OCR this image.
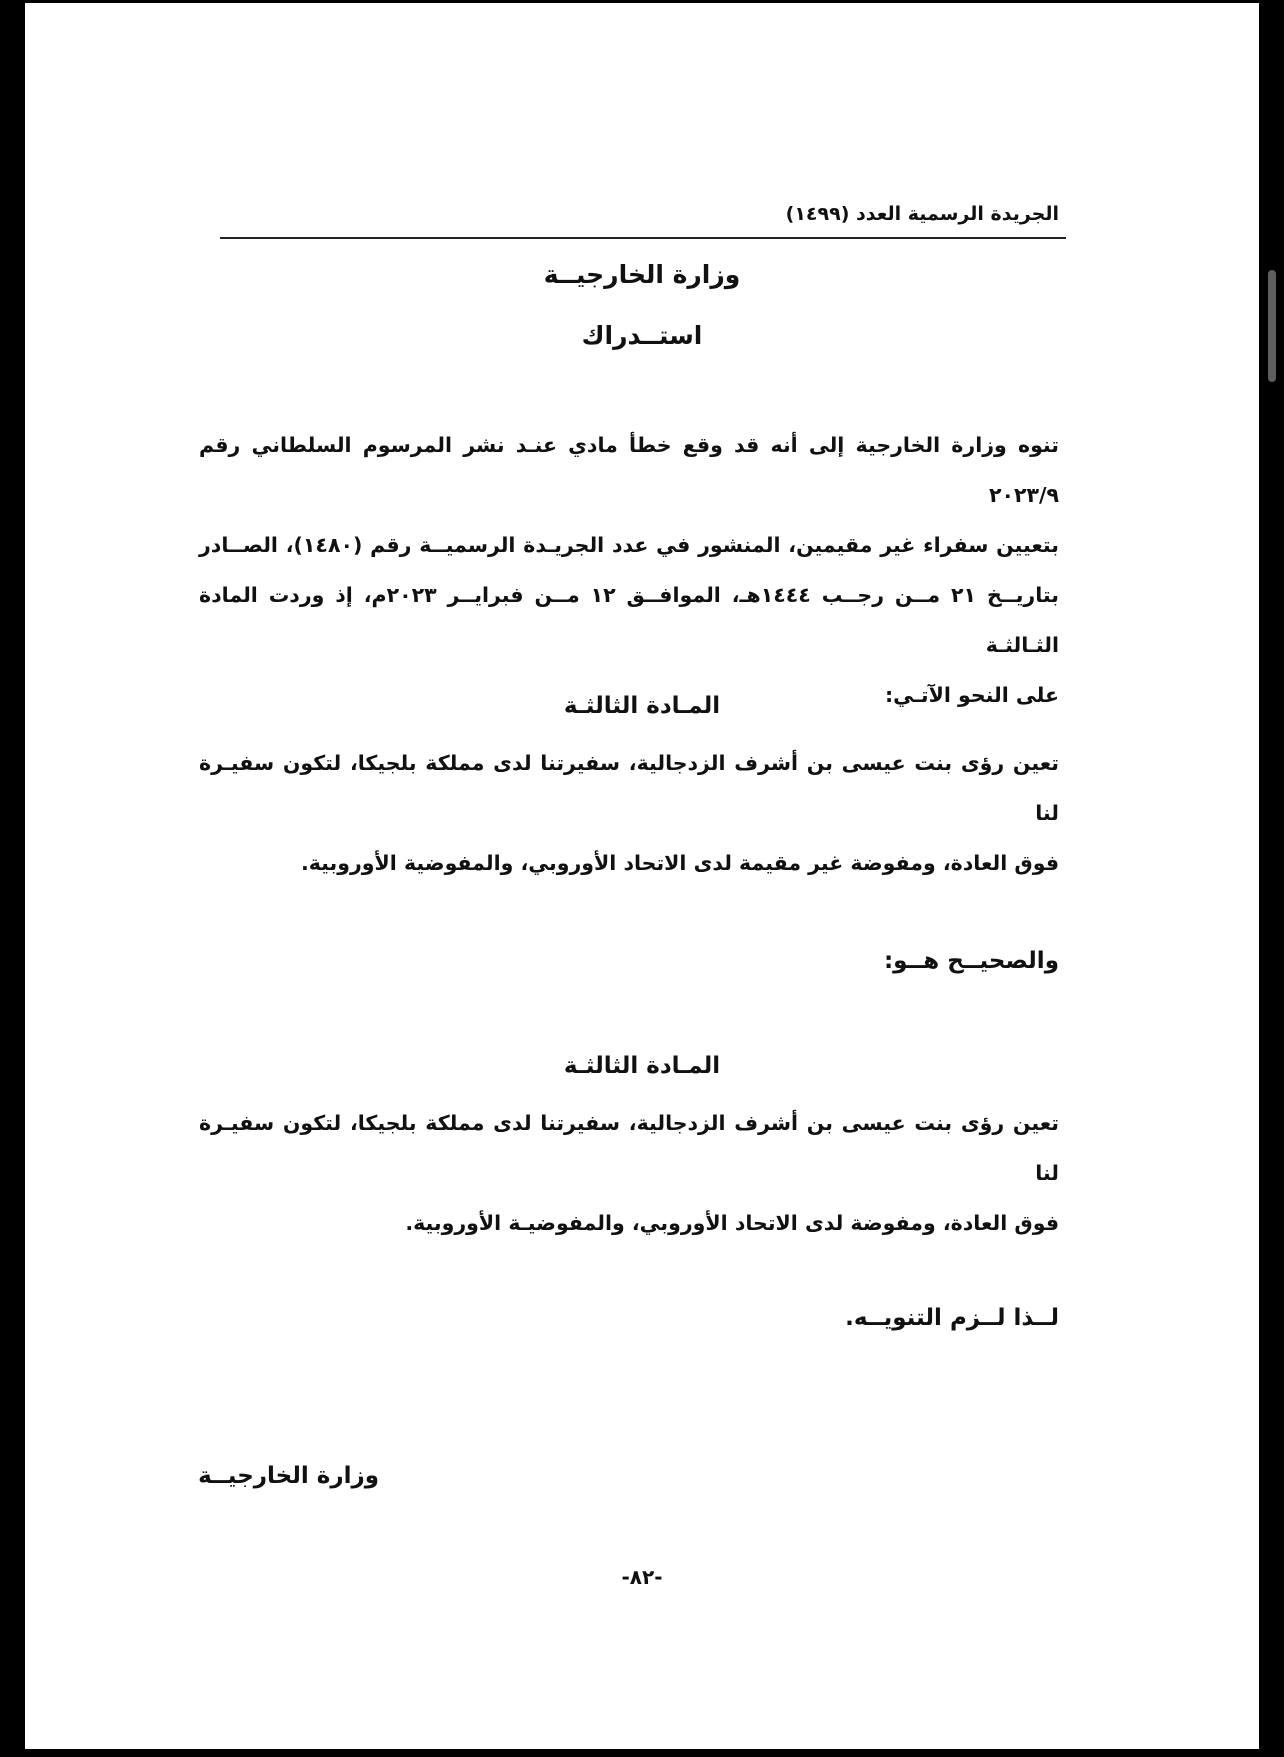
الجريدة الرسمية العدد (١٤٩٩)
وزارة الخارجيــة
استــدراك
تنوه وزارة الخارجية إلى أنه قد وقع خطأ مادي عنـد نشر المرسوم السلطاني رقم ٢٠٢٣/٩
بتعيين سفراء غير مقيمين، المنشور في عدد الجريـدة الرسميــة رقم (١٤٨٠)، الصــادر
بتاريــخ ٢١ مــن رجــب ١٤٤٤هـ، الموافــق ١٢ مــن فبرايــر ٢٠٢٣م، إذ وردت المادة الثـالثـة
على النحو الآتـي:
المـادة الثالثـة
تعين رؤى بنت عيسى بن أشرف الزدجالية، سفيرتنا لدى مملكة بلجيكا، لتكون سفيـرة لنا
فوق العادة، ومفوضة غير مقيمة لدى الاتحاد الأوروبي، والمفوضية الأوروبية.
والصحيــح هــو:
المـادة الثالثـة
تعين رؤى بنت عيسى بن أشرف الزدجالية، سفيرتنا لدى مملكة بلجيكا، لتكون سفيـرة لنا
فوق العادة، ومفوضة لدى الاتحاد الأوروبي، والمفوضيـة الأوروبية.
لــذا لــزم التنويــه.
وزارة الخارجيــة
-٨٢-
